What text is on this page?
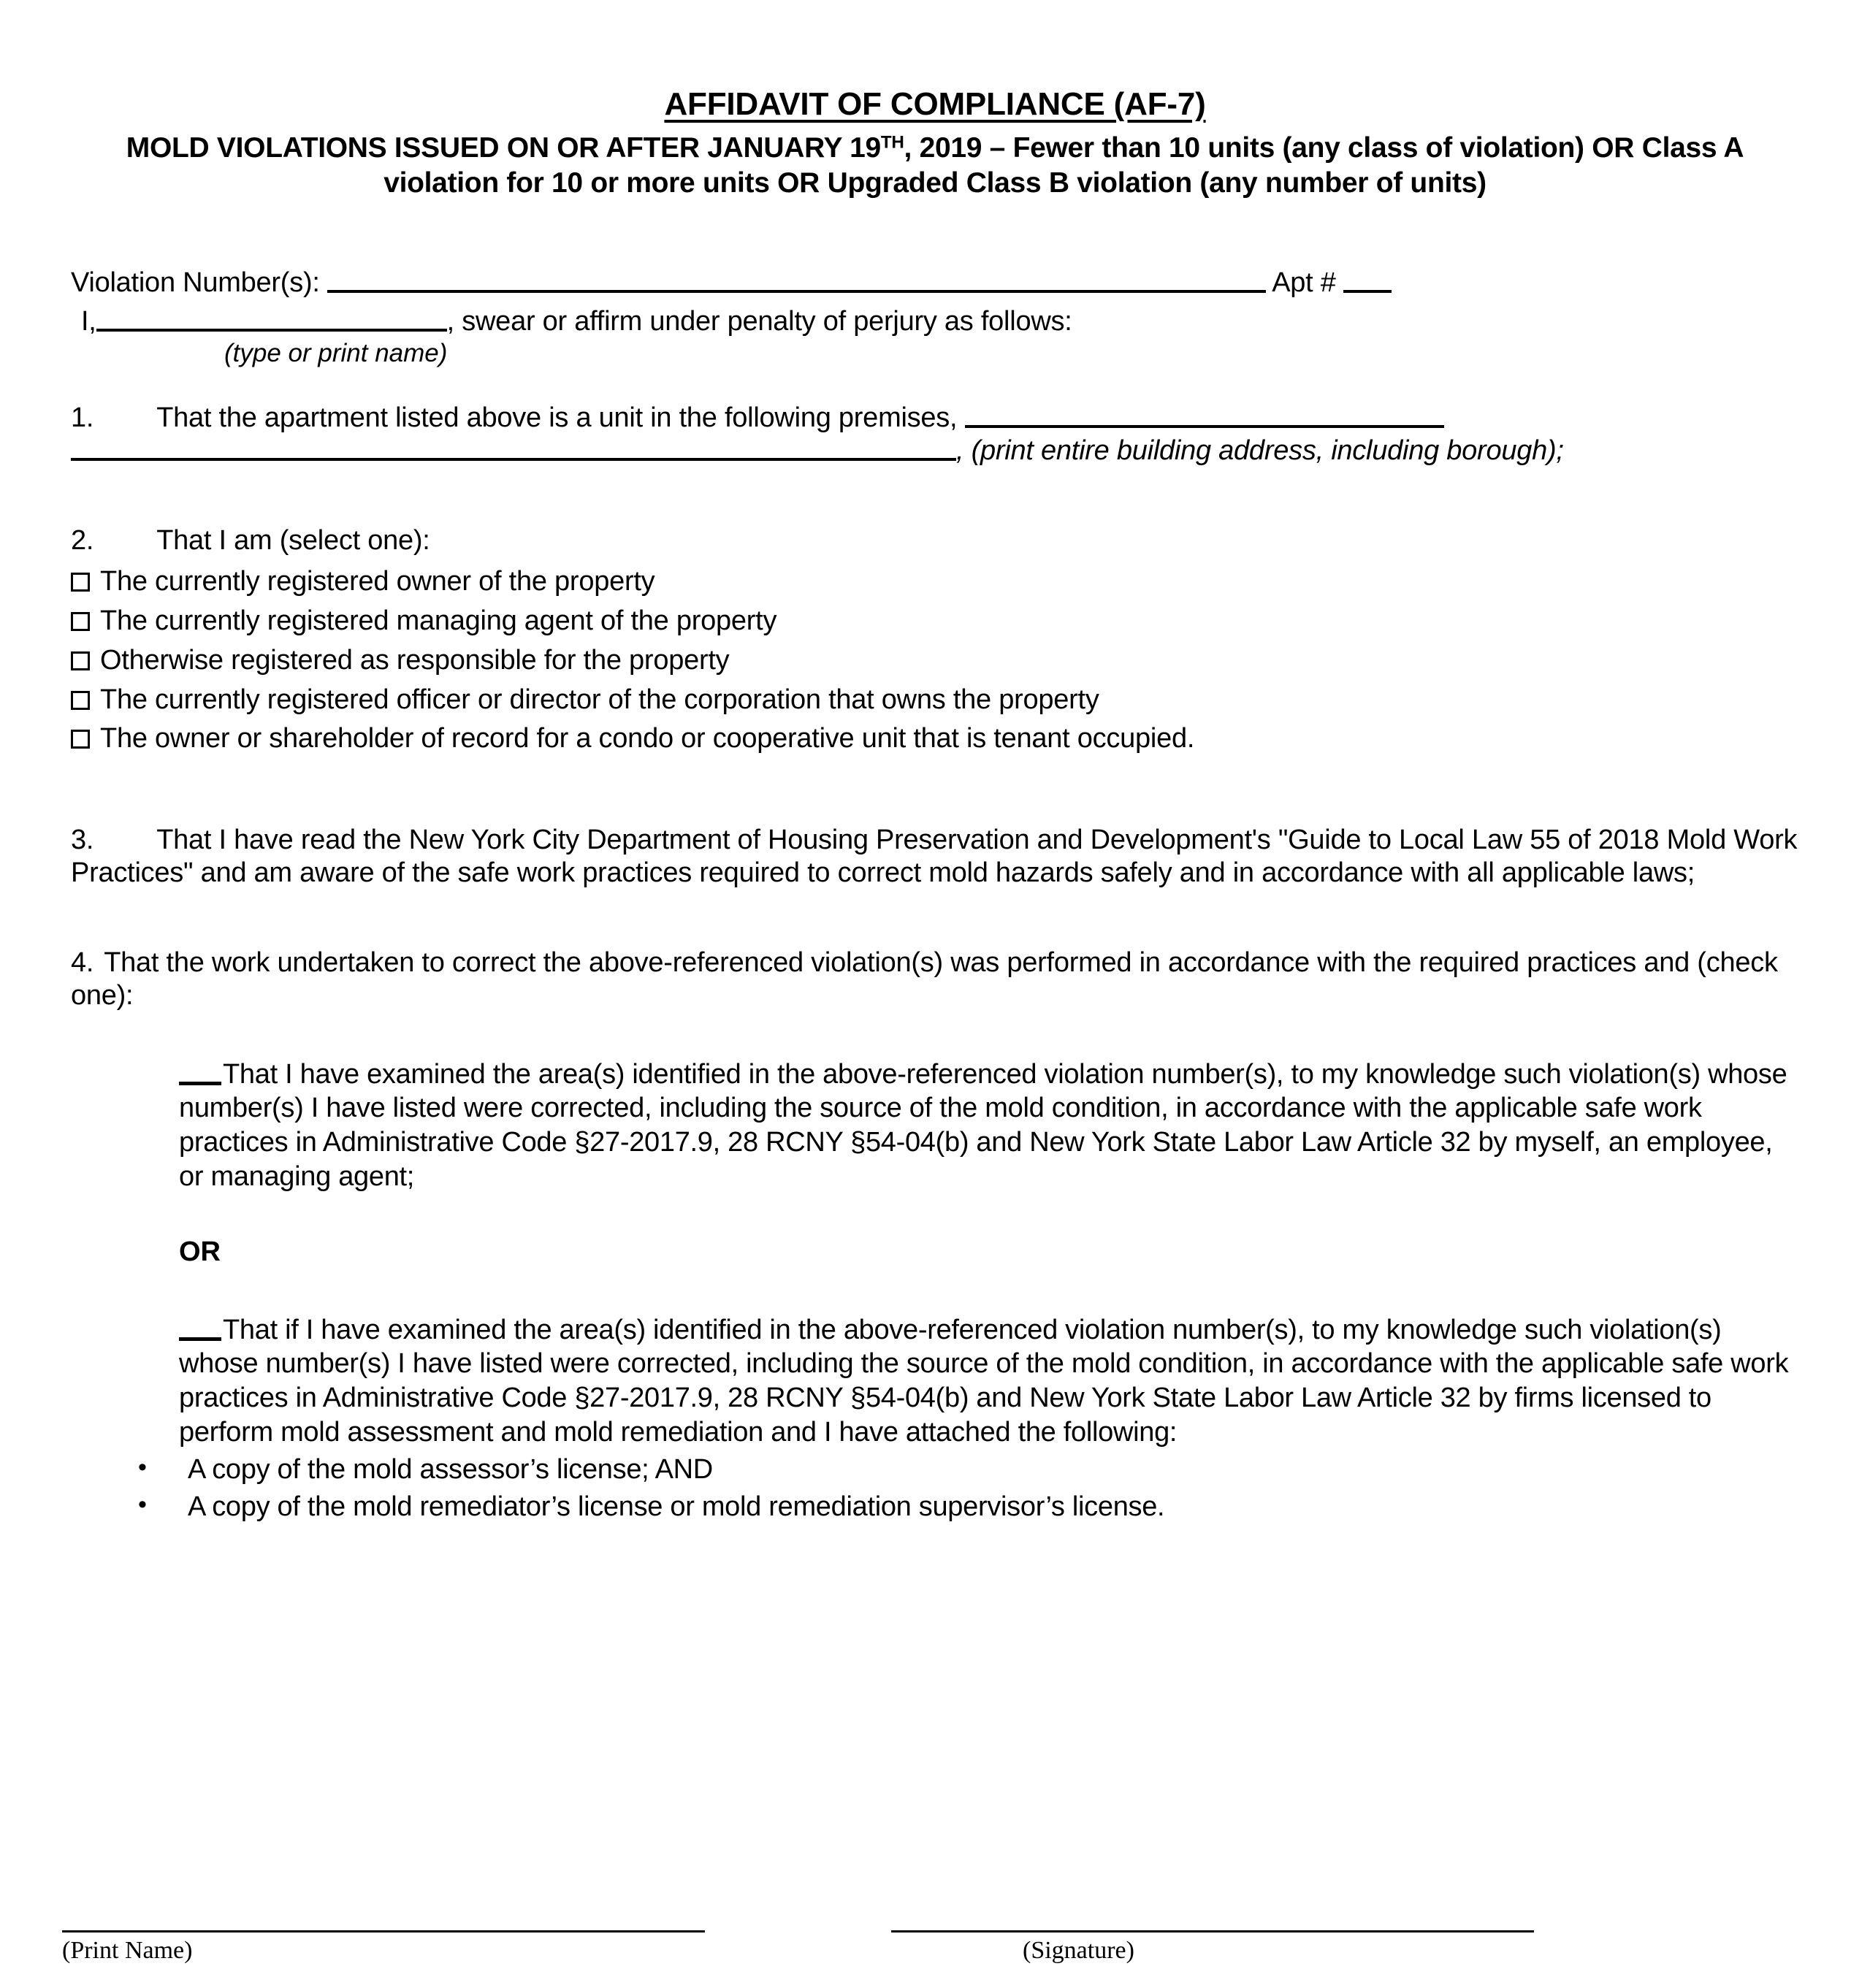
AFFIDAVIT OF COMPLIANCE (AF-7)
MOLD VIOLATIONS ISSUED ON OR AFTER JANUARY 19TH, 2019 – Fewer than 10 units (any class of violation) OR Class A violation for 10 or more units OR Upgraded Class B violation (any number of units)
Violation Number(s):	Apt #
I,	, swear or affirm under penalty of perjury as follows:
(type or print name)
1. That the apartment listed above is a unit in the following premises,
, (print entire building address, including borough);
2. That I am (select one):
The currently registered owner of the property
The currently registered managing agent of the property
Otherwise registered as responsible for the property
The currently registered officer or director of the corporation that owns the property
The owner or shareholder of record for a condo or cooperative unit that is tenant occupied.
3. That I have read the New York City Department of Housing Preservation and Development's "Guide to Local Law 55 of 2018 Mold Work Practices" and am aware of the safe work practices required to correct mold hazards safely and in accordance with all applicable laws;
4. That the work undertaken to correct the above-referenced violation(s) was performed in accordance with the required practices and (check one):
That I have examined the area(s) identified in the above-referenced violation number(s), to my knowledge such violation(s) whose number(s) I have listed were corrected, including the source of the mold condition, in accordance with the applicable safe work practices in Administrative Code §27-2017.9, 28 RCNY §54-04(b) and New York State Labor Law Article 32 by myself, an employee, or managing agent;
OR
That if I have examined the area(s) identified in the above-referenced violation number(s), to my knowledge such violation(s) whose number(s) I have listed were corrected, including the source of the mold condition, in accordance with the applicable safe work practices in Administrative Code §27-2017.9, 28 RCNY §54-04(b) and New York State Labor Law Article 32 by firms licensed to perform mold assessment and mold remediation and I have attached the following:
• A copy of the mold assessor’s license; AND
• A copy of the mold remediator’s license or mold remediation supervisor’s license.
(Print Name)	(Signature)
